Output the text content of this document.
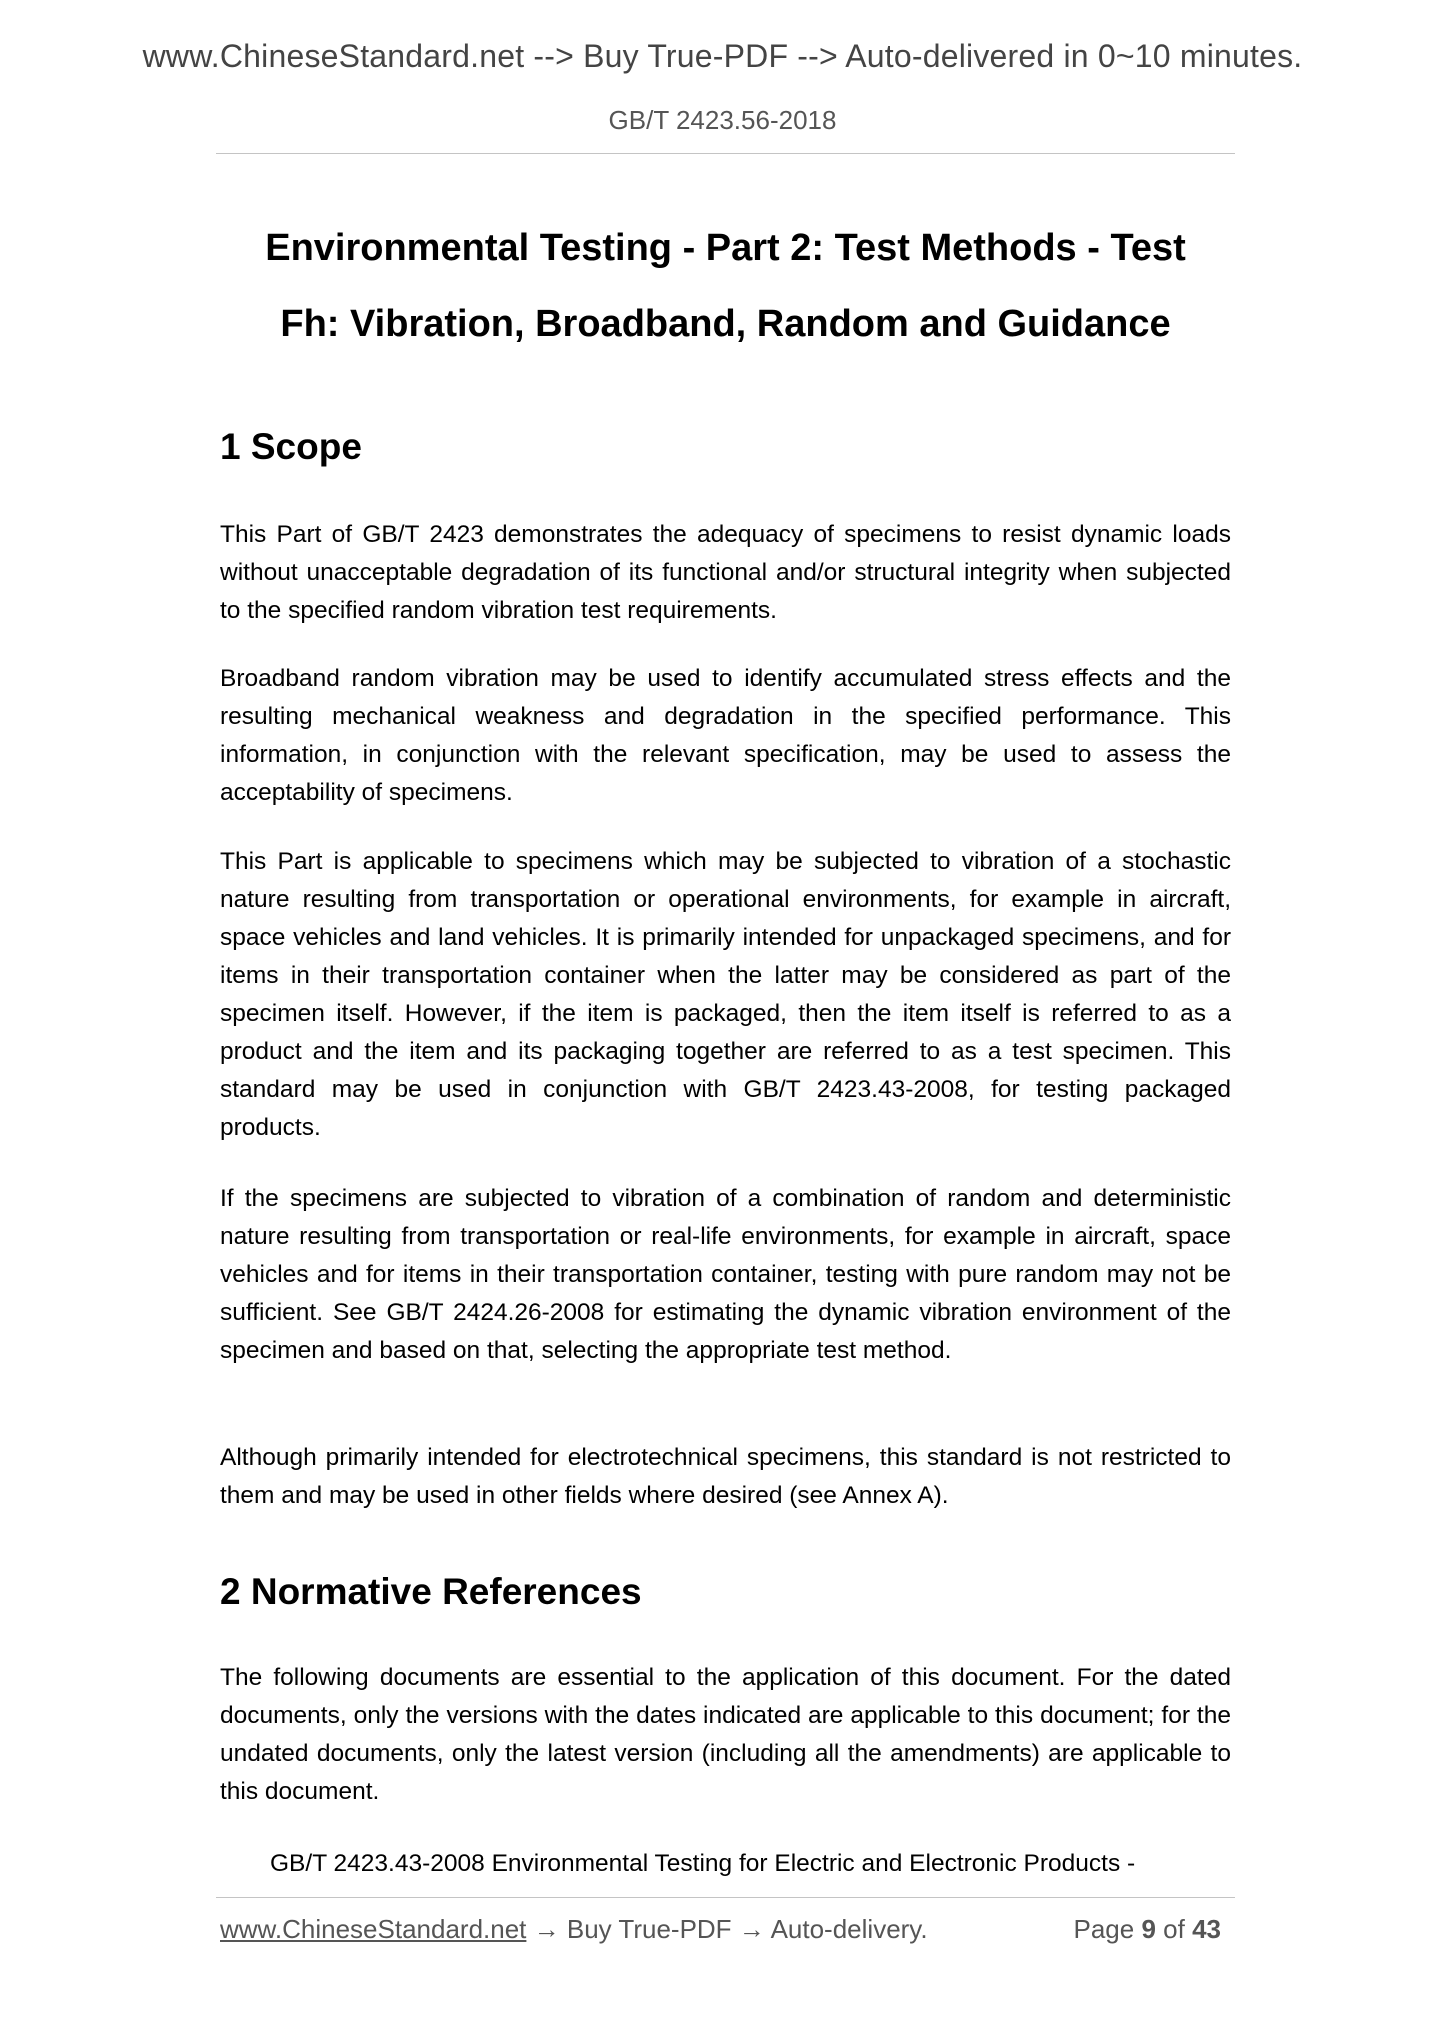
www.ChineseStandard.net --> Buy True-PDF --> Auto-delivered in 0~10 minutes.
GB/T 2423.56-2018
Environmental Testing - Part 2: Test Methods - Test
Fh: Vibration, Broadband, Random and Guidance
1 Scope

This Part of GB/T 2423 demonstrates the adequacy of specimens to resist dynamic loads without unacceptable degradation of its functional and/or structural integrity when subjected to the specified random vibration test requirements.

Broadband random vibration may be used to identify accumulated stress effects and the resulting mechanical weakness and degradation in the specified performance. This information, in conjunction with the relevant specification, may be used to assess the acceptability of specimens.

This Part is applicable to specimens which may be subjected to vibration of a stochastic nature resulting from transportation or operational environments, for example in aircraft, space vehicles and land vehicles. It is primarily intended for unpackaged specimens, and for items in their transportation container when the latter may be considered as part of the specimen itself. However, if the item is packaged, then the item itself is referred to as a product and the item and its packaging together are referred to as a test specimen. This standard may be used in conjunction with GB/T 2423.43-2008, for testing packaged products.

If the specimens are subjected to vibration of a combination of random and deterministic nature resulting from transportation or real-life environments, for example in aircraft, space vehicles and for items in their transportation container, testing with pure random may not be sufficient. See GB/T 2424.26-2008 for estimating the dynamic vibration environment of the specimen and based on that, selecting the appropriate test method.

Although primarily intended for electrotechnical specimens, this standard is not restricted to them and may be used in other fields where desired (see Annex A).

2 Normative References

The following documents are essential to the application of this document. For the dated documents, only the versions with the dates indicated are applicable to this document; for the undated documents, only the latest version (including all the amendments) are applicable to this document.

GB/T 2423.43-2008 Environmental Testing for Electric and Electronic Products -

www.ChineseStandard.net → Buy True-PDF → Auto-delivery.	Page 9 of 43
